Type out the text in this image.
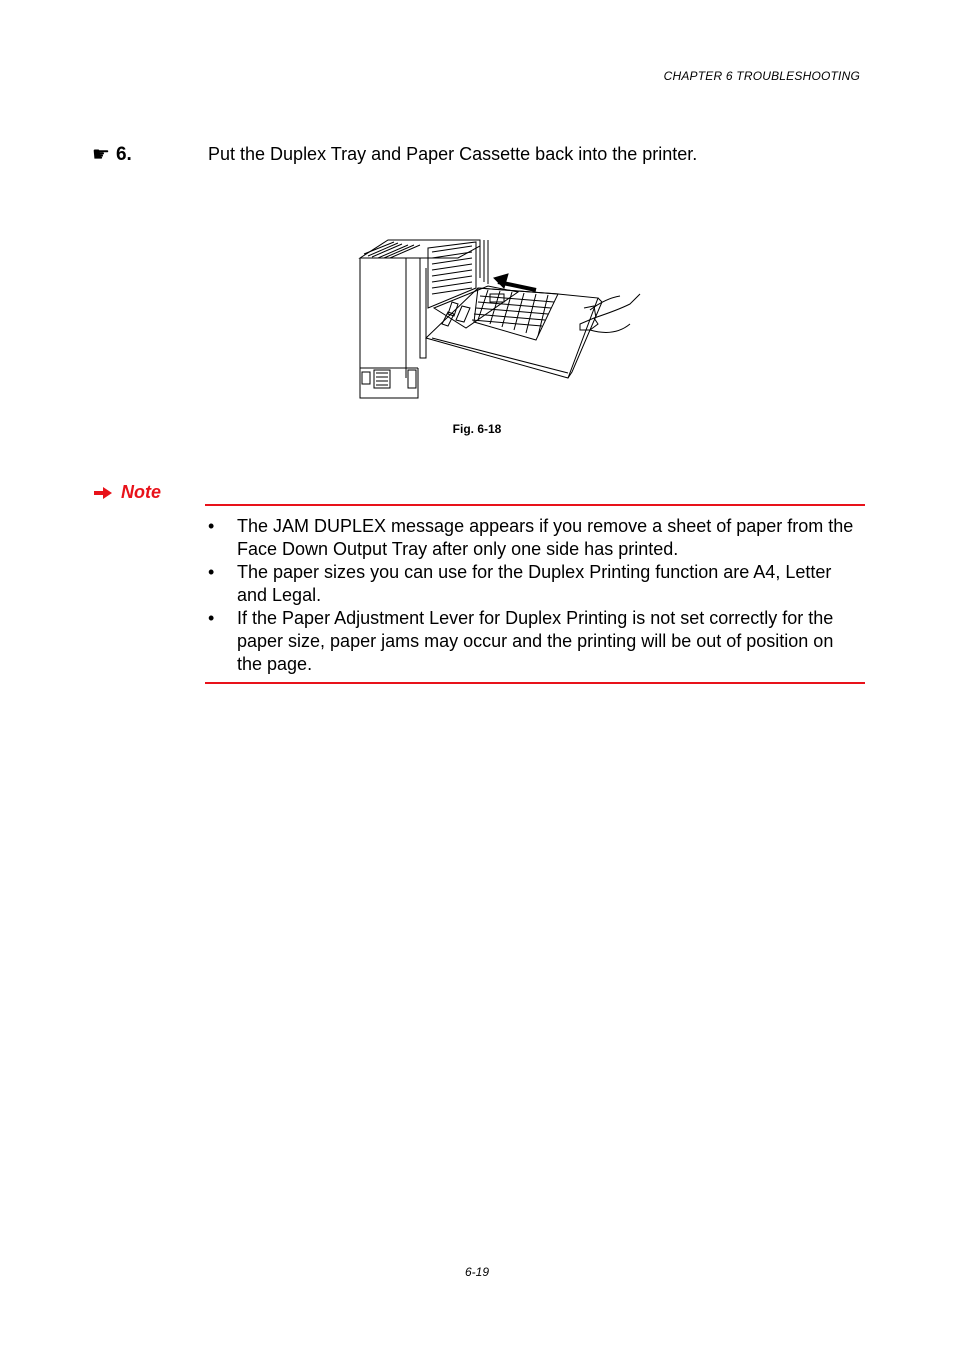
CHAPTER 6 TROUBLESHOOTING
☛ 6.	Put the Duplex Tray and Paper Cassette back into the printer.
Fig. 6-18
Note
• The JAM DUPLEX message appears if you remove a sheet of paper from the Face Down Output Tray after only one side has printed.
• The paper sizes you can use for the Duplex Printing function are A4, Letter and Legal.
• If the Paper Adjustment Lever for Duplex Printing is not set correctly for the paper size, paper jams may occur and the printing will be out of position on the page.
6-19
